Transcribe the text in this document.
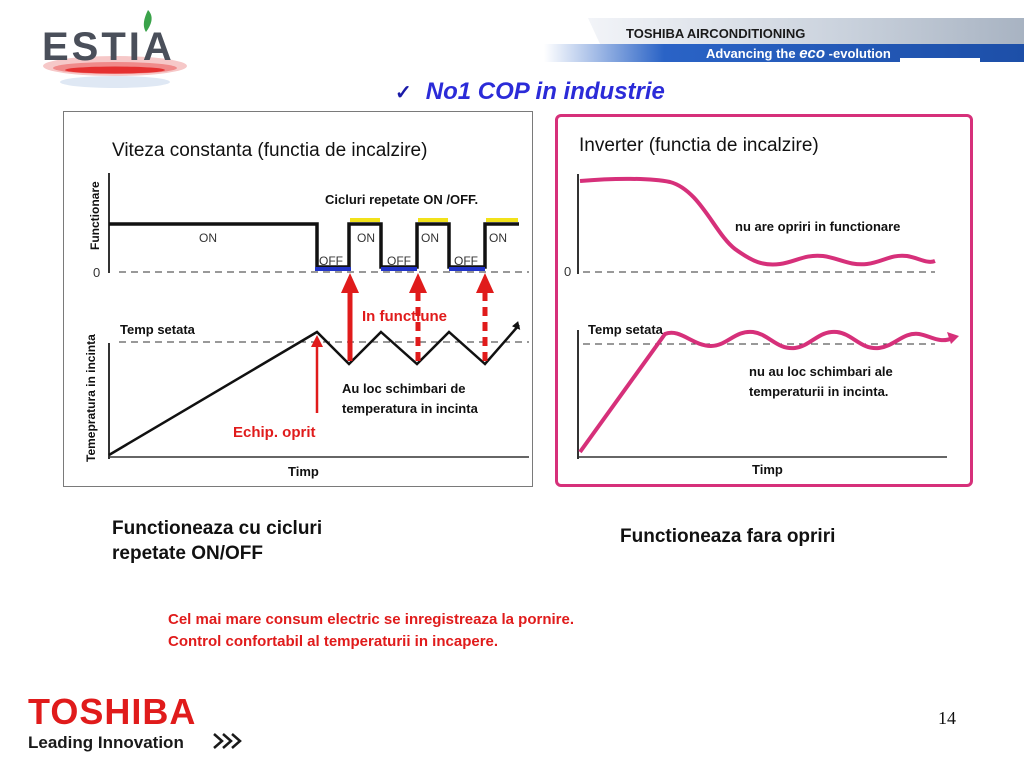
ESTIA	TOSHIBA AIRCONDITIONING
Advancing the eco -evolution
✓ No1 COP in industrie
ON	ON	ON	ON
OFF	OFF	OFF
0
Viteza constanta (functia de incalzire)
Functionare
Temepratura in incinta
Cicluri repetate ON /OFF.
In functiune
Temp setata
Au loc schimbari de
temperatura in incinta
Echip. oprit
Timp
0
Inverter (functia de incalzire)
nu are opriri in functionare
Temp setata
nu au loc schimbari ale
temperaturii in incinta.
Timp
Functioneaza cu cicluri
repetate ON/OFF
Functioneaza fara opriri
Cel mai mare consum electric se inregistreaza la pornire.
Control confortabil al temperaturii in incapere.
TOSHIBA
Leading Innovation
14
